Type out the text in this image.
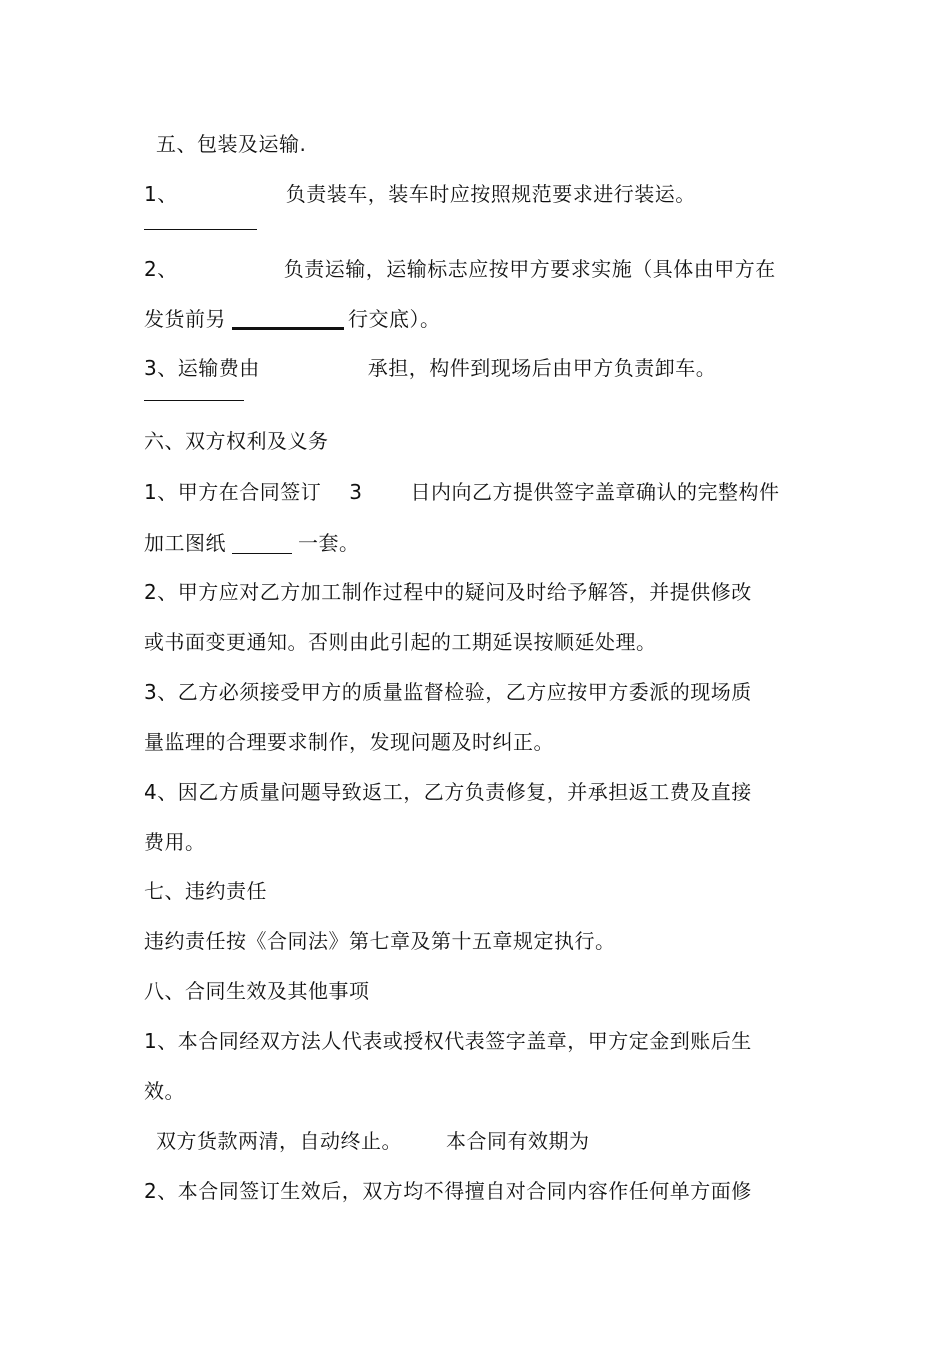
五、包装及运输.

1、	负责装车，装车时应按照规范要求进行装运。

2、	负责运输，运输标志应按甲方要求实施（具体由甲方在

发货前另	行交底）。

3、运输费由	承担，构件到现场后由甲方负责卸车。

六、双方权利及义务

1、甲方在合同签订 3 日内向乙方提供签字盖章确认的完整构件

加工图纸	一套。

2、甲方应对乙方加工制作过程中的疑问及时给予解答，并提供修改

或书面变更通知。否则由此引起的工期延误按顺延处理。

3、乙方必须接受甲方的质量监督检验，乙方应按甲方委派的现场质

量监理的合理要求制作，发现问题及时纠正。

4、因乙方质量问题导致返工，乙方负责修复，并承担返工费及直接

费用。

七、违约责任

违约责任按《合同法》第七章及第十五章规定执行。

八、合同生效及其他事项

1、本合同经双方法人代表或授权代表签字盖章，甲方定金到账后生

效。

双方货款两清，自动终止。 本合同有效期为

2、本合同签订生效后，双方均不得擅自对合同内容作任何单方面修
